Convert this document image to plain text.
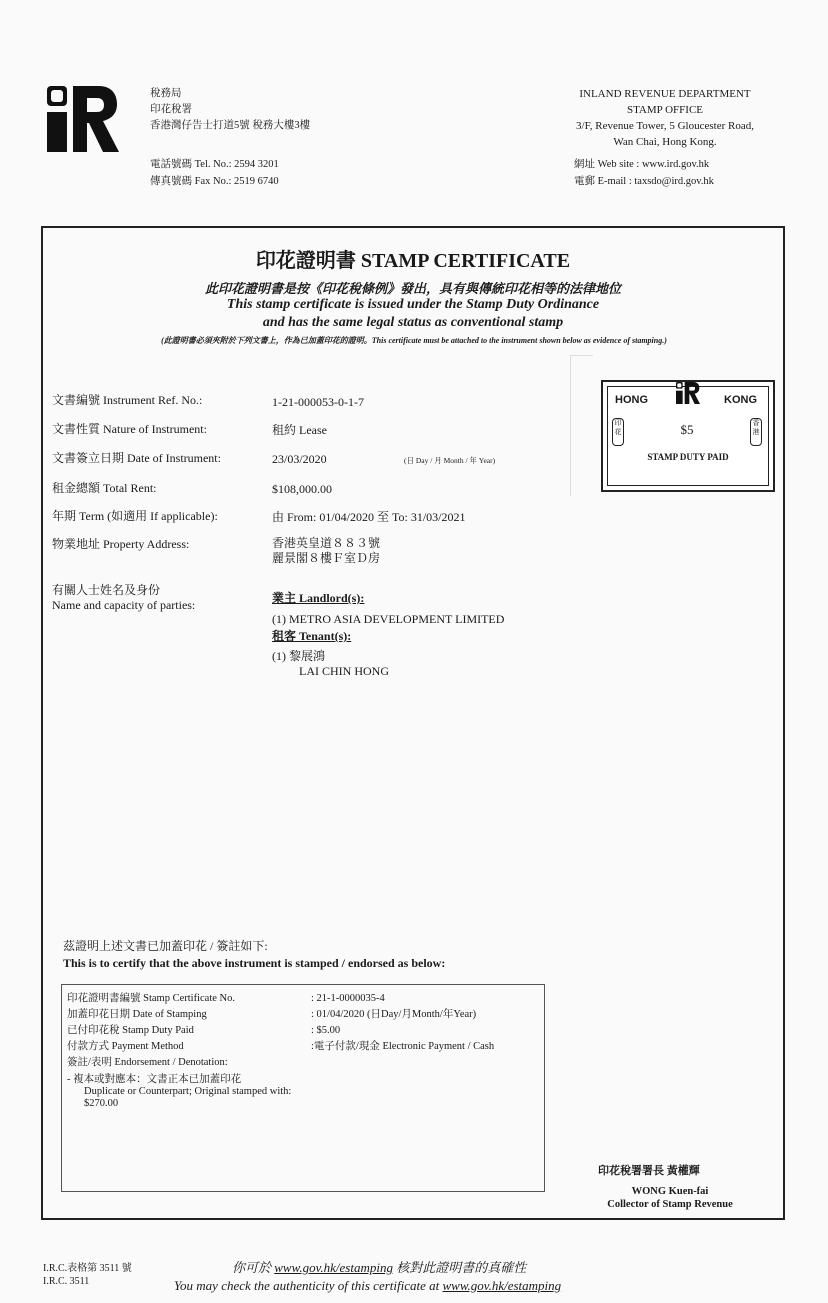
稅務局
印花稅署
香港灣仔告士打道5號 稅務大樓3樓
電話號碼 Tel. No.: 2594 3201
傳真號碼 Fax No.: 2519 6740
INLAND REVENUE DEPARTMENT
STAMP OFFICE
3/F, Revenue Tower, 5 Gloucester Road,
Wan Chai, Hong Kong.
網址 Web site : www.ird.gov.hk
電郵 E-mail : taxsdo@ird.gov.hk
印花證明書 STAMP CERTIFICATE
此印花證明書是按《印花稅條例》發出，具有與傳統印花相等的法律地位
This stamp certificate is issued under the Stamp Duty Ordinance
and has the same legal status as conventional stamp
(此證明書必須夾附於下列文書上，作為已加蓋印花的證明。This certificate must be attached to the instrument shown below as evidence of stamping.)
文書編號 Instrument Ref. No.:	1-21-000053-0-1-7
文書性質 Nature of Instrument:	租約 Lease
文書簽立日期 Date of Instrument:	23/03/2020	(日 Day / 月 Month / 年 Year)
租金總額 Total Rent:	$108,000.00
年期 Term (如適用 If applicable):	由 From: 01/04/2020 至 To: 31/03/2021
物業地址 Property Address:	香港英皇道８８３號
麗景閣８樓Ｆ室Ｄ房
有關人士姓名及身份
Name and capacity of parties:	業主 Landlord(s):
(1) METRO ASIA DEVELOPMENT LIMITED
租客 Tenant(s):
(1) 黎展鴻
LAI CHIN HONG
HONG	KONG
印花
香港
$5
STAMP DUTY PAID
茲證明上述文書已加蓋印花 / 簽註如下:
This is to certify that the above instrument is stamped / endorsed as below:
印花證明書編號 Stamp Certificate No.	: 21-1-0000035-4
加蓋印花日期 Date of Stamping	: 01/04/2020 (日Day/月Month/年Year)
已付印花稅 Stamp Duty Paid	: $5.00
付款方式 Payment Method	:電子付款/現金 Electronic Payment / Cash
簽註/表明 Endorsement / Denotation:
- 複本或對應本：文書正本已加蓋印花
Duplicate or Counterpart; Original stamped with:
$270.00
印花稅署署長 黃權輝
WONG Kuen-fai
Collector of Stamp Revenue
I.R.C.表格第 3511 號
I.R.C. 3511
你可於 www.gov.hk/estamping 核對此證明書的真確性
You may check the authenticity of this certificate at www.gov.hk/estamping
